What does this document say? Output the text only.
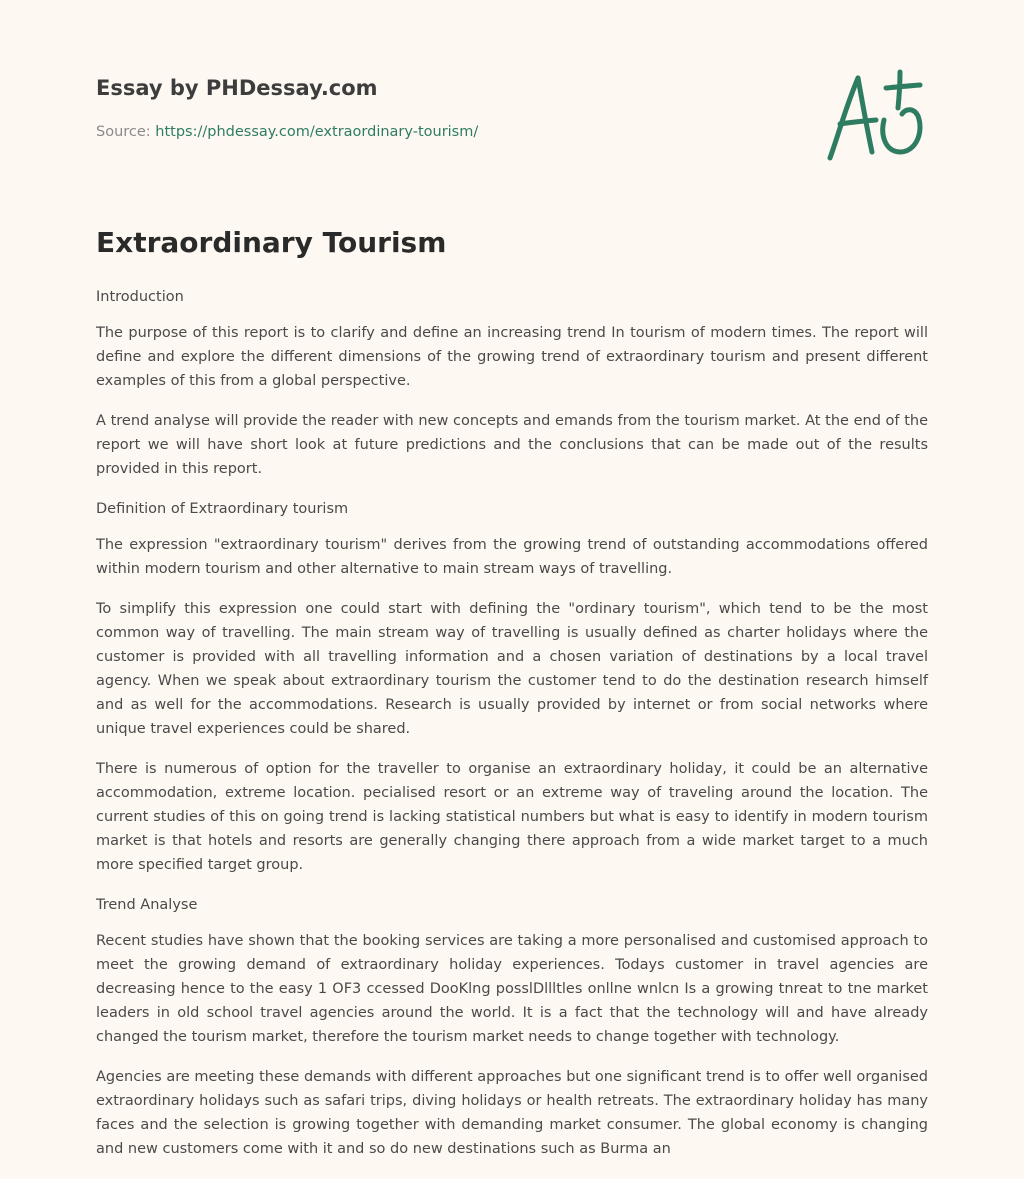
Essay by PHDessay.com
Source: https://phdessay.com/extraordinary-tourism/
Extraordinary Tourism

Introduction

The purpose of this report is to clarify and define an increasing trend In tourism of modern times. The report will define and explore the different dimensions of the growing trend of extraordinary tourism and present different examples of this from a global perspective.

A trend analyse will provide the reader with new concepts and emands from the tourism market. At the end of the report we will have short look at future predictions and the conclusions that can be made out of the results provided in this report.

Definition of Extraordinary tourism

The expression "extraordinary tourism" derives from the growing trend of outstanding accommodations offered within modern tourism and other alternative to main stream ways of travelling.

To simplify this expression one could start with defining the "ordinary tourism", which tend to be the most common way of travelling. The main stream way of travelling is usually defined as charter holidays where the customer is provided with all travelling information and a chosen variation of destinations by a local travel agency. When we speak about extraordinary tourism the customer tend to do the destination research himself and as well for the accommodations. Research is usually provided by internet or from social networks where unique travel experiences could be shared.

There is numerous of option for the traveller to organise an extraordinary holiday, it could be an alternative accommodation, extreme location. pecialised resort or an extreme way of traveling around the location. The current studies of this on going trend is lacking statistical numbers but what is easy to identify in modern tourism market is that hotels and resorts are generally changing there approach from a wide market target to a much more specified target group.

Trend Analyse

Recent studies have shown that the booking services are taking a more personalised and customised approach to meet the growing demand of extraordinary holiday experiences. Todays customer in travel agencies are decreasing hence to the easy 1 OF3 ccessed DooKlng posslDllltles onllne wnlcn Is a growing tnreat to tne market leaders in old school travel agencies around the world. It is a fact that the technology will and have already changed the tourism market, therefore the tourism market needs to change together with technology.

Agencies are meeting these demands with different approaches but one significant trend is to offer well organised extraordinary holidays such as safari trips, diving holidays or health retreats. The extraordinary holiday has many faces and the selection is growing together with demanding market consumer. The global economy is changing and new customers come with it and so do new destinations such as Burma an
